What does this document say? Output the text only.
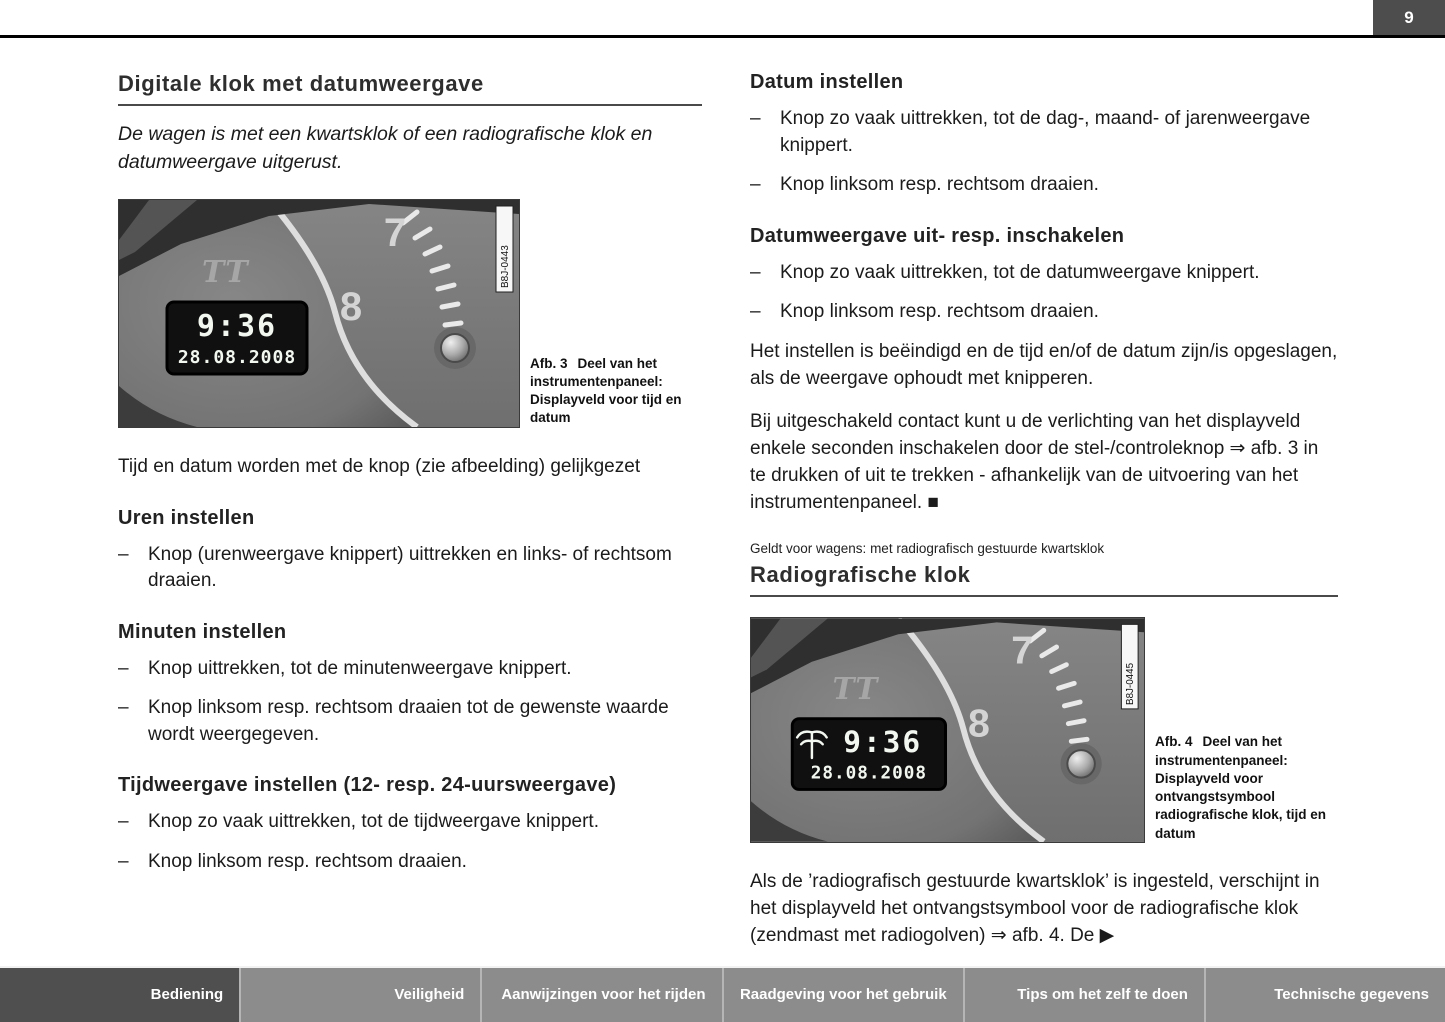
9
Digitale klok met datumweergave
De wagen is met een kwartsklok of een radiografische klok en datumweergave uitgerust.
7
8
TT
9:36
28.08.2008
B8J-0443
Afb. 3 Deel van het instrumentenpaneel: Displayveld voor tijd en datum
Tijd en datum worden met de knop (zie afbeelding) gelijkgezet
Uren instellen
– Knop (urenweergave knippert) uittrekken en links- of rechtsom draaien.
Minuten instellen
– Knop uittrekken, tot de minutenweergave knippert.
– Knop linksom resp. rechtsom draaien tot de gewenste waarde wordt weergegeven.
Tijdweergave instellen (12- resp. 24-uursweergave)
– Knop zo vaak uittrekken, tot de tijdweergave knippert.
– Knop linksom resp. rechtsom draaien.
Datum instellen
– Knop zo vaak uittrekken, tot de dag-, maand- of jarenweergave knippert.
– Knop linksom resp. rechtsom draaien.
Datumweergave uit- resp. inschakelen
– Knop zo vaak uittrekken, tot de datumweergave knippert.
– Knop linksom resp. rechtsom draaien.
Het instellen is beëindigd en de tijd en/of de datum zijn/is opgeslagen, als de weergave ophoudt met knipperen.
Bij uitgeschakeld contact kunt u de verlichting van het displayveld enkele seconden inschakelen door de stel-/controleknop ⇒ afb. 3 in te drukken of uit te trekken - afhankelijk van de uitvoering van het instrumentenpaneel. ■
Geldt voor wagens: met radiografisch gestuurde kwartsklok
Radiografische klok
7
8
TT
9:36
28.08.2008
B8J-0445
Afb. 4 Deel van het instrumentenpaneel: Displayveld voor ontvangstsymbool radiografische klok, tijd en datum
Als de ’radiografisch gestuurde kwartsklok’ is ingesteld, verschijnt in het displayveld het ontvangstsymbool voor de radiografische klok (zendmast met radiogolven) ⇒ afb. 4. De ▶
Bediening	Veiligheid	Aanwijzingen voor het rijden	Raadgeving voor het gebruik	Tips om het zelf te doen	Technische gegevens
